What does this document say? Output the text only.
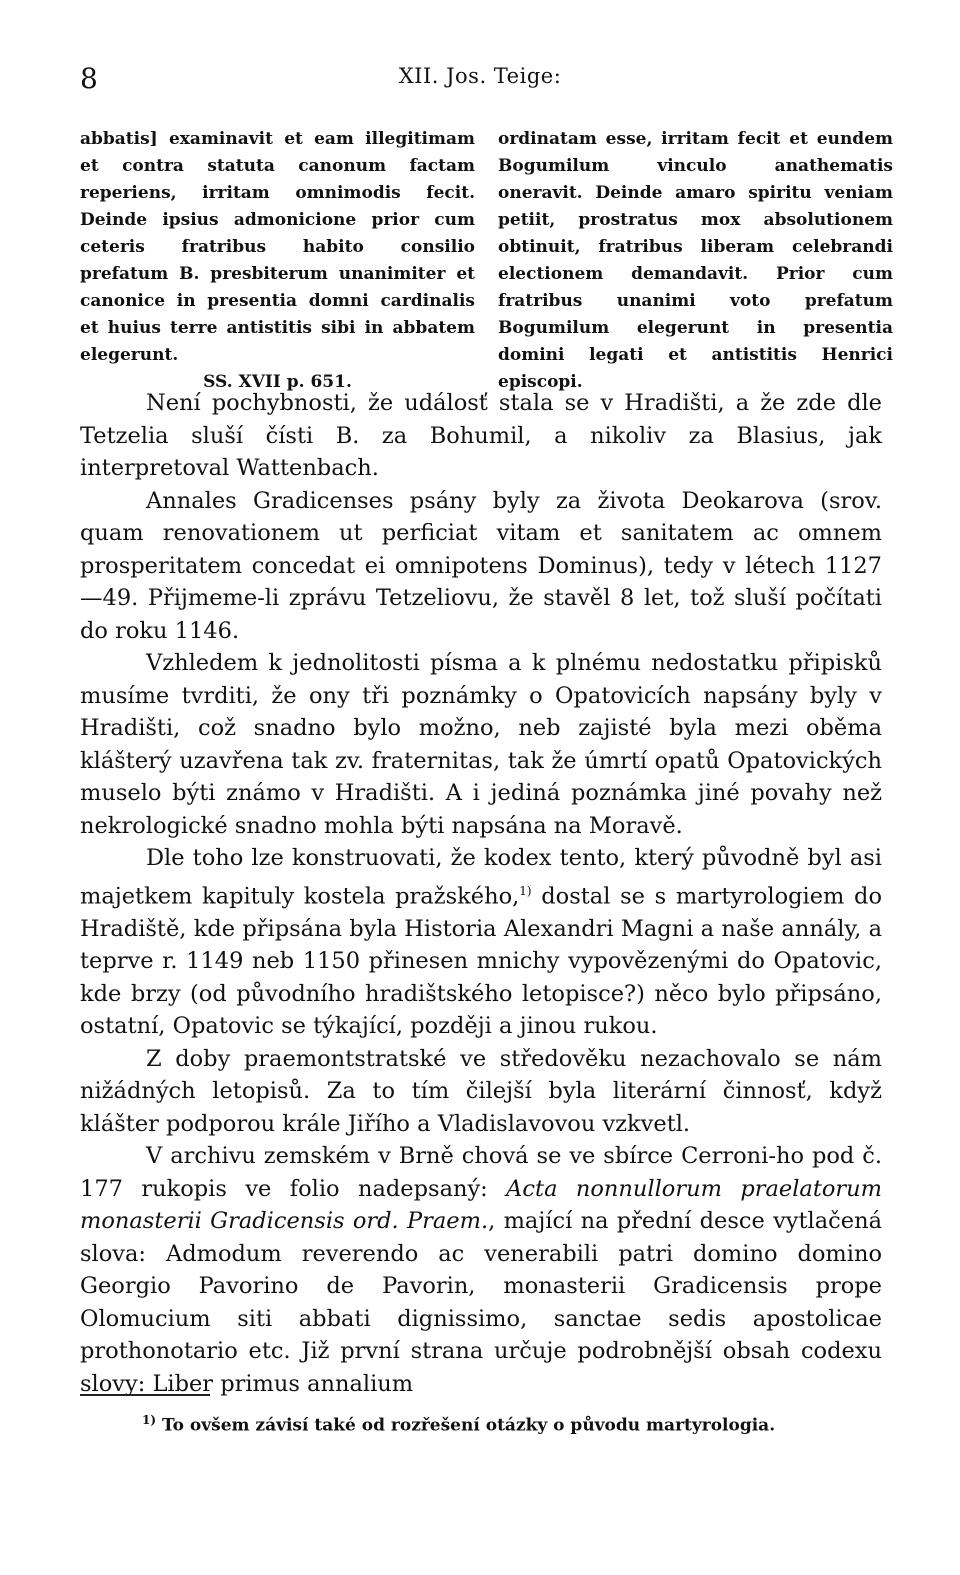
8	XII. Jos. Teige:

abbatis] examinavit et eam illegitimam et contra statuta canonum factam reperiens, irritam omnimodis fecit. Deinde ipsius admonicione prior cum ceteris fratribus habito consilio prefatum B. presbiterum unanimiter et canonice in presentia domni cardinalis et huius terre antistitis sibi in abbatem elegerunt.

SS. XVII p. 651.

ordinatam esse, irritam fecit et eundem Bogumilum vinculo anathematis oneravit. Deinde amaro spiritu veniam petiit, prostratus mox absolutionem obtinuit, fratribus liberam celebrandi electionem demandavit. Prior cum fratribus unanimi voto prefatum Bogumilum elegerunt in presentia domini legati et antistitis Henrici episcopi.

Není pochybnosti, že událosť stala se v Hradišti, a že zde dle Tetzelia sluší čísti B. za Bohumil, a nikoliv za Blasius, jak interpretoval Wattenbach.

Annales Gradicenses psány byly za života Deokarova (srov. quam renovationem ut perficiat vitam et sanitatem ac omnem prosperitatem concedat ei omnipotens Dominus), tedy v létech 1127—49. Přijmeme-li zprávu Tetzeliovu, že stavěl 8 let, tož sluší počítati do roku 1146.

Vzhledem k jednolitosti písma a k plnému nedostatku připisků musíme tvrditi, že ony tři poznámky o Opatovicích napsány byly v Hradišti, což snadno bylo možno, neb zajisté byla mezi oběma klášterý uzavřena tak zv. fraternitas, tak že úmrtí opatů Opatovických muselo býti známo v Hradišti. A i jediná poznámka jiné povahy než nekrologické snadno mohla býti napsána na Moravě.

Dle toho lze konstruovati, že kodex tento, který původně byl asi majetkem kapituly kostela pražského,$^{1)}$ dostal se s martyrologiem do Hradiště, kde připsána byla Historia Alexandri Magni a naše annály, a teprve r. 1149 neb 1150 přinesen mnichy vypovězenými do Opatovic, kde brzy (od původního hradištského letopisce?) něco bylo připsáno, ostatní, Opatovic se týkající, později a jinou rukou.

Z doby praemontstratské ve středověku nezachovalo se nám nižádných letopisů. Za to tím čilejší byla literární činnosť, když klášter podporou krále Jiřího a Vladislavovou vzkvetl.

V archivu zemském v Brně chová se ve sbírce Cerroni-ho pod č. 177 rukopis ve folio nadepsaný: Acta nonnullorum praelatorum monasterii Gradicensis ord. Praem., mající na přední desce vytlačená slova: Admodum reverendo ac venerabili patri domino domino Georgio Pavorino de Pavorin, monasterii Gradicensis prope Olomucium siti abbati dignissimo, sanctae sedis apostolicae prothonotario etc. Již první strana určuje podrobnější obsah codexu slovy: Liber primus annalium

$^{1)}$ To ovšem závisí také od rozřešení otázky o původu martyrologia.
